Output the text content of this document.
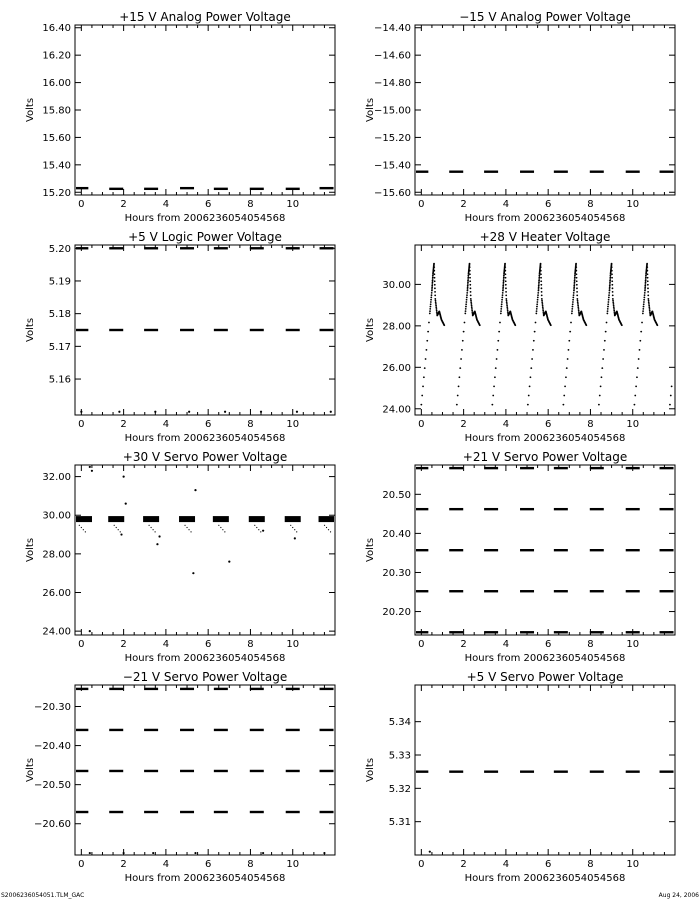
+15 V Analog Power Voltage
Hours from 2006236054054568
Volts
0	2	4	6	8	10
16.40
16.20
16.00
15.80
15.60
15.40
15.20
−15 V Analog Power Voltage
Hours from 2006236054054568
Volts
0	2	4	6	8	10
−14.40
−14.60
−14.80
−15.00
−15.20
−15.40
−15.60
+5 V Logic Power Voltage
Hours from 2006236054054568
Volts
0	2	4	6	8	10
5.20
5.19
5.18
5.17
5.16
+28 V Heater Voltage
Hours from 2006236054054568
Volts
0	2	4	6	8	10
30.00
28.00
26.00
24.00
+30 V Servo Power Voltage
Hours from 2006236054054568
Volts
0	2	4	6	8	10
32.00
30.00
28.00
26.00
24.00
+21 V Servo Power Voltage
Hours from 2006236054054568
Volts
0	2	4	6	8	10
20.50
20.40
20.30
20.20
−21 V Servo Power Voltage
Hours from 2006236054054568
Volts
0	2	4	6	8	10
−20.30
−20.40
−20.50
−20.60
+5 V Servo Power Voltage
Hours from 2006236054054568
Volts
0	2	4	6	8	10
5.34
5.33
5.32
5.31
S2006236054051.TLM_GAC	Aug 24, 2006
